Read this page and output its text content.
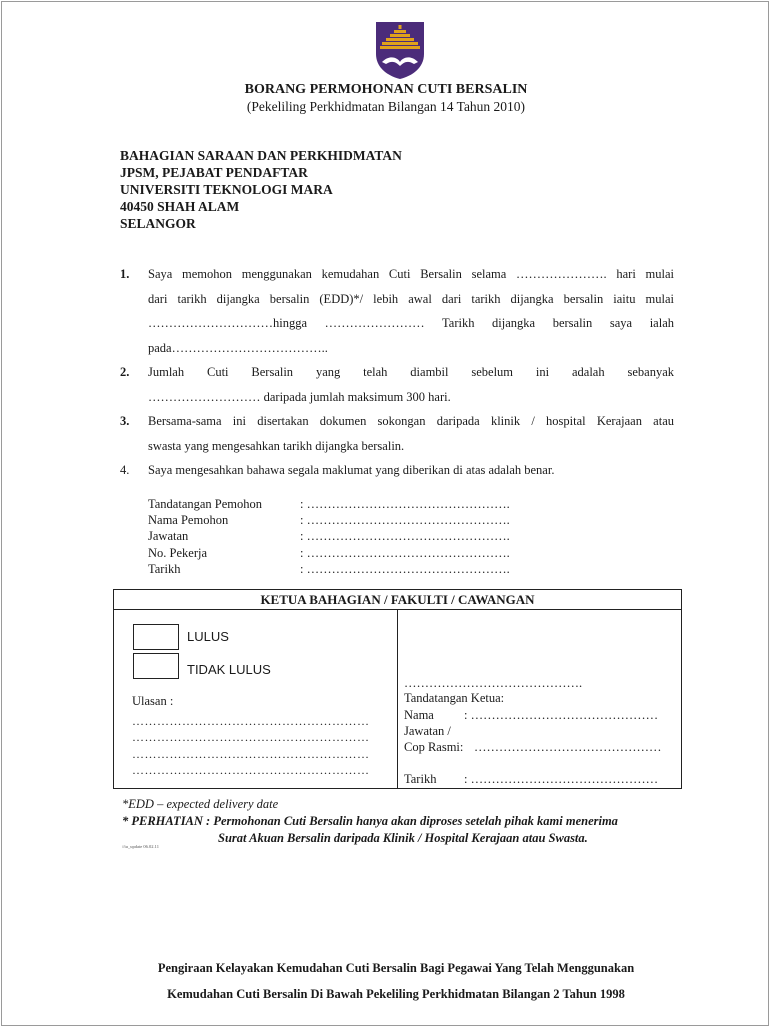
BORANG PERMOHONAN CUTI BERSALIN
(Pekeliling Perkhidmatan Bilangan 14 Tahun 2010)
BAHAGIAN SARAAN DAN PERKHIDMATAN
JPSM, PEJABAT PENDAFTAR
UNIVERSITI TEKNOLOGI MARA
40450 SHAH ALAM
SELANGOR
1. Saya memohon menggunakan kemudahan Cuti Bersalin selama …………………. hari mulai
dari tarikh dijangka bersalin (EDD)*/ lebih awal dari tarikh dijangka bersalin iaitu mulai
…………………………hingga …………………… Tarikh dijangka bersalin saya ialah
pada………………………………..
2. Jumlah Cuti Bersalin yang telah diambil sebelum ini adalah sebanyak
……………………… daripada jumlah maksimum 300 hari.
3. Bersama-sama ini disertakan dokumen sokongan daripada klinik / hospital Kerajaan atau
swasta yang mengesahkan tarikh dijangka bersalin.
4. Saya mengesahkan bahawa segala maklumat yang diberikan di atas adalah benar.
Tandatangan Pemohon	: ………………………………………….
Nama Pemohon	: ………………………………………….
Jawatan	: ………………………………………….
No. Pekerja	: ………………………………………….
Tarikh	: ………………………………………….
KETUA BAHAGIAN / FAKULTI / CAWANGAN
LULUS
TIDAK LULUS
Ulasan :
…………………………………………………
…………………………………………………
…………………………………………………
…………………………………………………
…………………………………….
Tandatangan Ketua:
Nama : ………………………………………
Jawatan /
Cop Rasmi: ………………………………………
Tarikh : ………………………………………
*EDD – expected delivery date
* PERHATIAN : Permohonan Cuti Bersalin hanya akan diproses setelah pihak kami menerima
Surat Akuan Bersalin daripada Klinik / Hospital Kerajaan atau Swasta.
//tu_update 06.02.11
Pengiraan Kelayakan Kemudahan Cuti Bersalin Bagi Pegawai Yang Telah Menggunakan
Kemudahan Cuti Bersalin Di Bawah Pekeliling Perkhidmatan Bilangan 2 Tahun 1998
